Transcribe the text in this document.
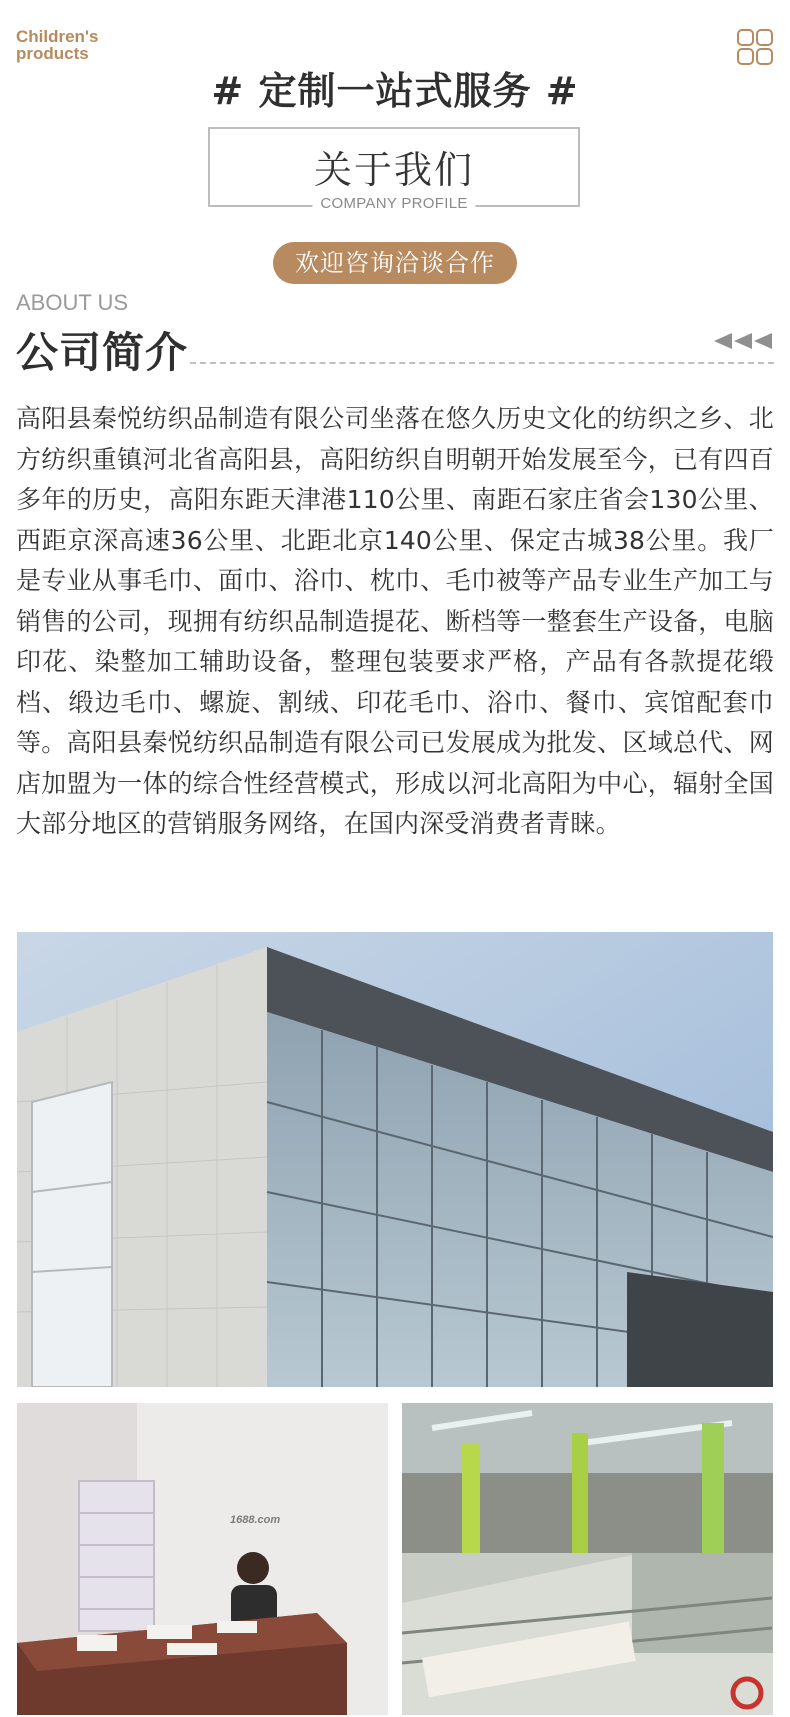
Children's
products
# 定制一站式服务 #
关于我们
COMPANY PROFILE
欢迎咨询洽谈合作
ABOUT US
公司简介

高阳县秦悦纺织品制造有限公司坐落在悠久历史文化的纺织之乡、北方纺织重镇河北省高阳县，高阳纺织自明朝开始发展至今，已有四百多年的历史，高阳东距天津港110公里、南距石家庄省会130公里、西距京深高速36公里、北距北京140公里、保定古城38公里。我厂是专业从事毛巾、面巾、浴巾、枕巾、毛巾被等产品专业生产加工与销售的公司，现拥有纺织品制造提花、断档等一整套生产设备，电脑印花、染整加工辅助设备，整理包装要求严格，产品有各款提花缎档、缎边毛巾、螺旋、割绒、印花毛巾、浴巾、餐巾、宾馆配套巾等。高阳县秦悦纺织品制造有限公司已发展成为批发、区域总代、网店加盟为一体的综合性经营模式，形成以河北高阳为中心，辐射全国大部分地区的营销服务网络，在国内深受消费者青睐。

1688.com
